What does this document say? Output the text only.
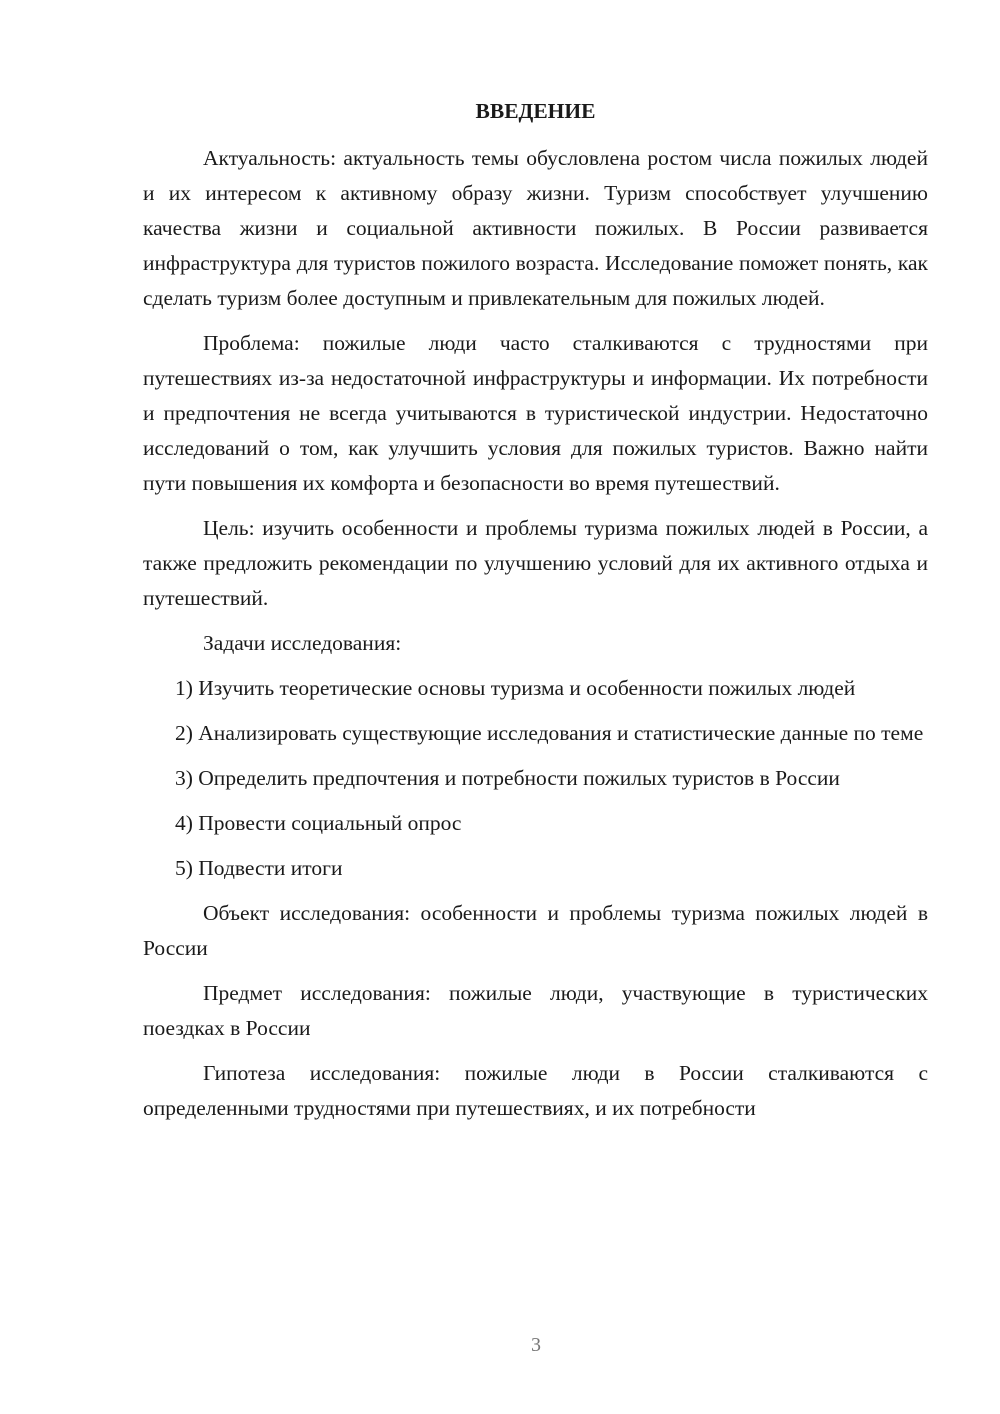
ВВЕДЕНИЕ

Актуальность: актуальность темы обусловлена ростом числа пожилых людей и их интересом к активному образу жизни. Туризм способствует улучшению качества жизни и социальной активности пожилых. В России развивается инфраструктура для туристов пожилого возраста. Исследование поможет понять, как сделать туризм более доступным и привлекательным для пожилых людей.

Проблема: пожилые люди часто сталкиваются с трудностями при путешествиях из-за недостаточной инфраструктуры и информации. Их потребности и предпочтения не всегда учитываются в туристической индустрии. Недостаточно исследований о том, как улучшить условия для пожилых туристов. Важно найти пути повышения их комфорта и безопасности во время путешествий.

Цель: изучить особенности и проблемы туризма пожилых людей в России, а также предложить рекомендации по улучшению условий для их активного отдыха и путешествий.

Задачи исследования:

1) Изучить теоретические основы туризма и особенности пожилых людей

2) Анализировать существующие исследования и статистические данные по теме

3) Определить предпочтения и потребности пожилых туристов в России

4) Провести социальный опрос

5) Подвести итоги

Объект исследования: особенности и проблемы туризма пожилых людей в России

Предмет исследования: пожилые люди, участвующие в туристических поездках в России

Гипотеза исследования: пожилые люди в России сталкиваются с определенными трудностями при путешествиях, и их потребности

3
